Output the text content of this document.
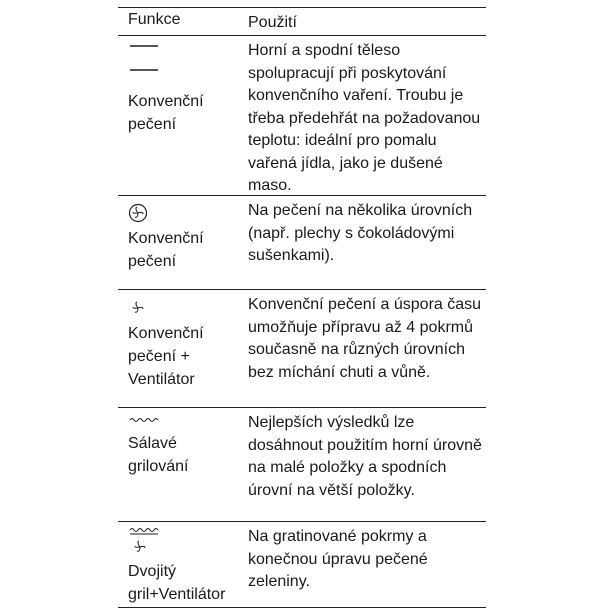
Funkce	Použití
Konvenční
pečení
Horní a spodní těleso spolupracují při poskytování konvenčního vaření. Troubu je třeba předehřát na požadovanou teplotu: ideální pro pomalu vařená jídla, jako je dušené maso.
Konvenční
pečení
Na pečení na několika úrovních (např. plechy s čokoládovými sušenkami).
Konvenční
pečení +
Ventilátor
Konvenční pečení a úspora času umožňuje přípravu až 4 pokrmů současně na různých úrovních bez míchání chuti a vůně.
Sálavé
grilování
Nejlepších výsledků lze dosáhnout použitím horní úrovně na malé položky a spodních úrovní na větší položky.
Dvojitý
gril+Ventilátor
Na gratinované pokrmy a konečnou úpravu pečené zeleniny.
